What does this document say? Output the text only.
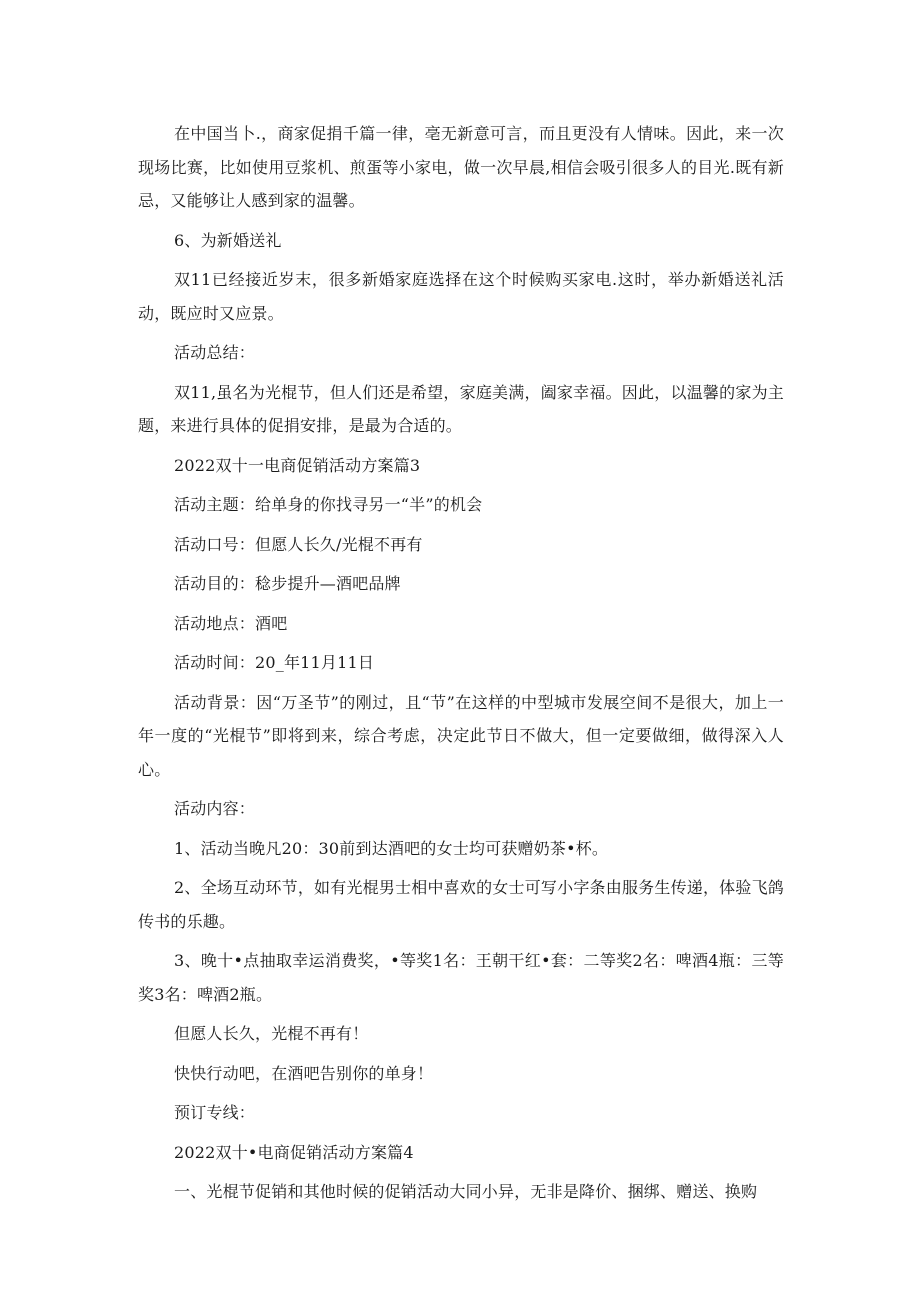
在中国当卜.，商家促捐千篇一律，亳无新意可言，而且更没有人情味。因此，来一次现场比赛，比如使用豆浆机、煎蛋等小家电，做一次早晨,相信会吸引很多人的目光.既有新忌，又能够让人感到家的温馨。

6、为新婚送礼

双11已经接近岁末，很多新婚家庭选择在这个时候购买家电.这时，举办新婚送礼活动，既应时又应景。

活动总结：

双11,虽名为光棍节，但人们还是希望，家庭美满，阖家幸福。因此，以温馨的家为主题，来进行具体的促捐安排，是最为合适的。

2022双十一电商促销活动方案篇3

活动主题：给单身的你找寻另一“半”的机会

活动口号：但愿人长久/光棍不再有

活动目的：稔步提升—酒吧品牌

活动地点：酒吧

活动时间：20_年11月11日

活动背景：因“万圣节”的刚过，且“节”在这样的中型城市发展空间不是很大，加上一年一度的“光棍节”即将到来，综合考虑，决定此节日不做大，但一定要做细，做得深入人心。

活动内容：

1、活动当晚凡20：30前到达酒吧的女士均可获赠奶茶•杯。

2、全场互动环节，如有光棍男士相中喜欢的女士可写小字条由服务生传递，体验飞鸽传书的乐趣。

3、晚十•点抽取幸运消费奖，•等奖1名：王朝干红•套：二等奖2名：啤酒4瓶：三等奖3名：啤酒2瓶。

但愿人长久，光棍不再有！

快快行动吧，在酒吧告别你的单身！

预订专线：

2022双十•电商促销活动方案篇4

一、光棍节促销和其他时候的促销活动大同小异，无非是降价、捆绑、赠送、换购
